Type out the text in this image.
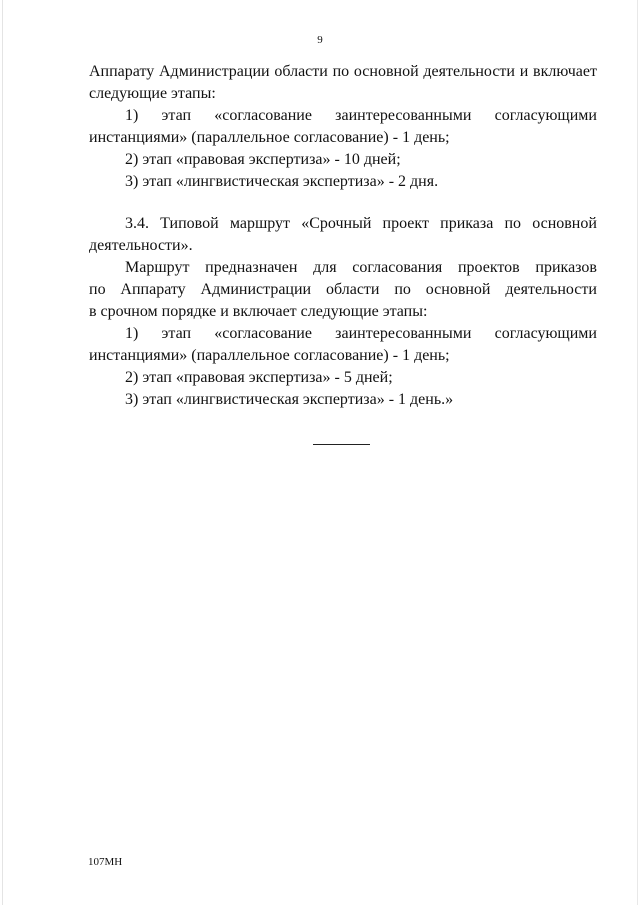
9
Аппарату Администрации области по основной деятельности и включает
следующие этапы:
1) этап «согласование заинтересованными согласующими
инстанциями» (параллельное согласование) - 1 день;
2) этап «правовая экспертиза» - 10 дней;
3) этап «лингвистическая экспертиза» - 2 дня.
3.4. Типовой маршрут «Срочный проект приказа по основной
деятельности».
Маршрут предназначен для согласования проектов приказов
по Аппарату Администрации области по основной деятельности
в срочном порядке и включает следующие этапы:
1) этап «согласование заинтересованными согласующими
инстанциями» (параллельное согласование) - 1 день;
2) этап «правовая экспертиза» - 5 дней;
3) этап «лингвистическая экспертиза» - 1 день.»
107МН
